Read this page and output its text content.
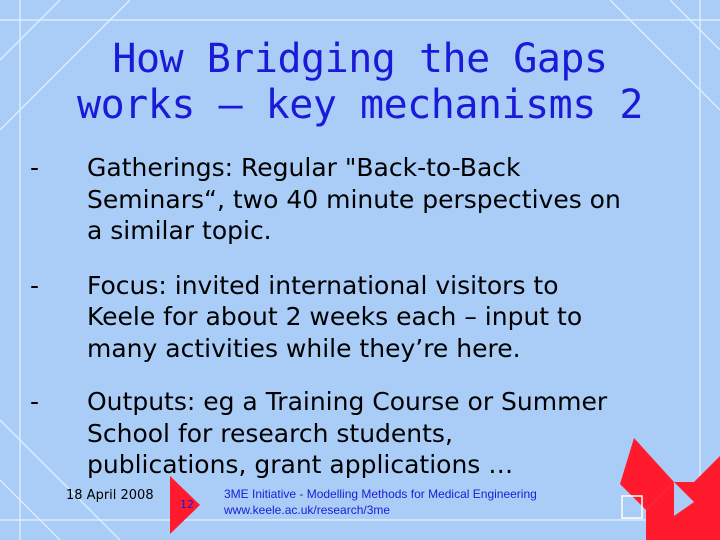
How Bridging the Gaps
works – key mechanisms 2
-	Gatherings: Regular "Back-to-Back
Seminars“, two 40 minute perspectives on
a similar topic.
-	Focus: invited international visitors to
Keele for about 2 weeks each – input to
many activities while they’re here.
-	Outputs: eg a Training Course or Summer
School for research students,
publications, grant applications …
18 April 2008
12
3ME Initiative - Modelling Methods for Medical Engineering
www.keele.ac.uk/research/3me
